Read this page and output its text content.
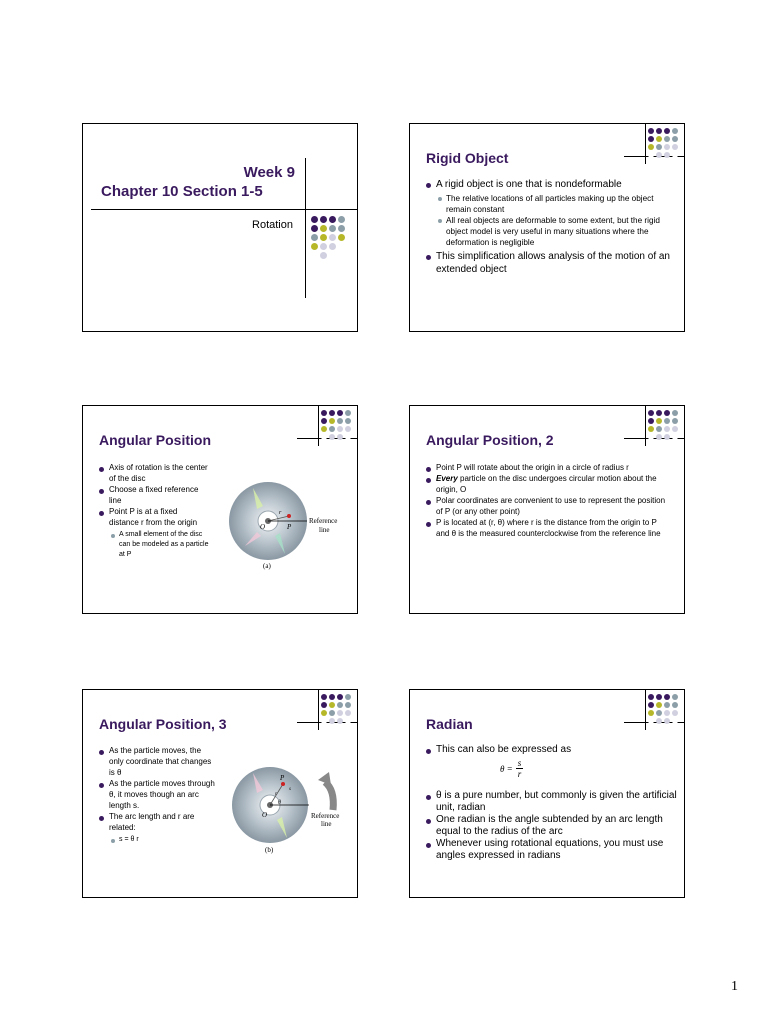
Week 9
Chapter 10 Section 1-5
Rotation
Rigid Object
A rigid object is one that is nondeformable
The relative locations of all particles making up the object remain constant
All real objects are deformable to some extent, but the rigid object model is very useful in many situations where the deformation is negligible
This simplification allows analysis of the motion of an extended object
Angular Position
Axis of rotation is the center of the disc
Choose a fixed reference line
Point P is at a fixed distance r from the origin
A small element of the disc can be modeled as a particle at P
O	P
r
Reference
line
(a)
Angular Position, 2
Point P will rotate about the origin in a circle of radius r
Every particle on the disc undergoes circular motion about the origin, O
Polar coordinates are convenient to use to represent the position of P (or any other point)
P is located at (r, θ) where r is the distance from the origin to P and θ is the measured counterclockwise from the reference line
Angular Position, 3
As the particle moves, the only coordinate that changes is θ
As the particle moves through θ, it moves though an arc length s.
The arc length and r are related:
s = θ r
O
P
r
s
θ
Reference
line
(b)
Radian
This can also be expressed as
$\theta = \frac{s}{r}$
θ is a pure number, but commonly is given the artificial unit, radian
One radian is the angle subtended by an arc length equal to the radius of the arc
Whenever using rotational equations, you must use angles expressed in radians
1
